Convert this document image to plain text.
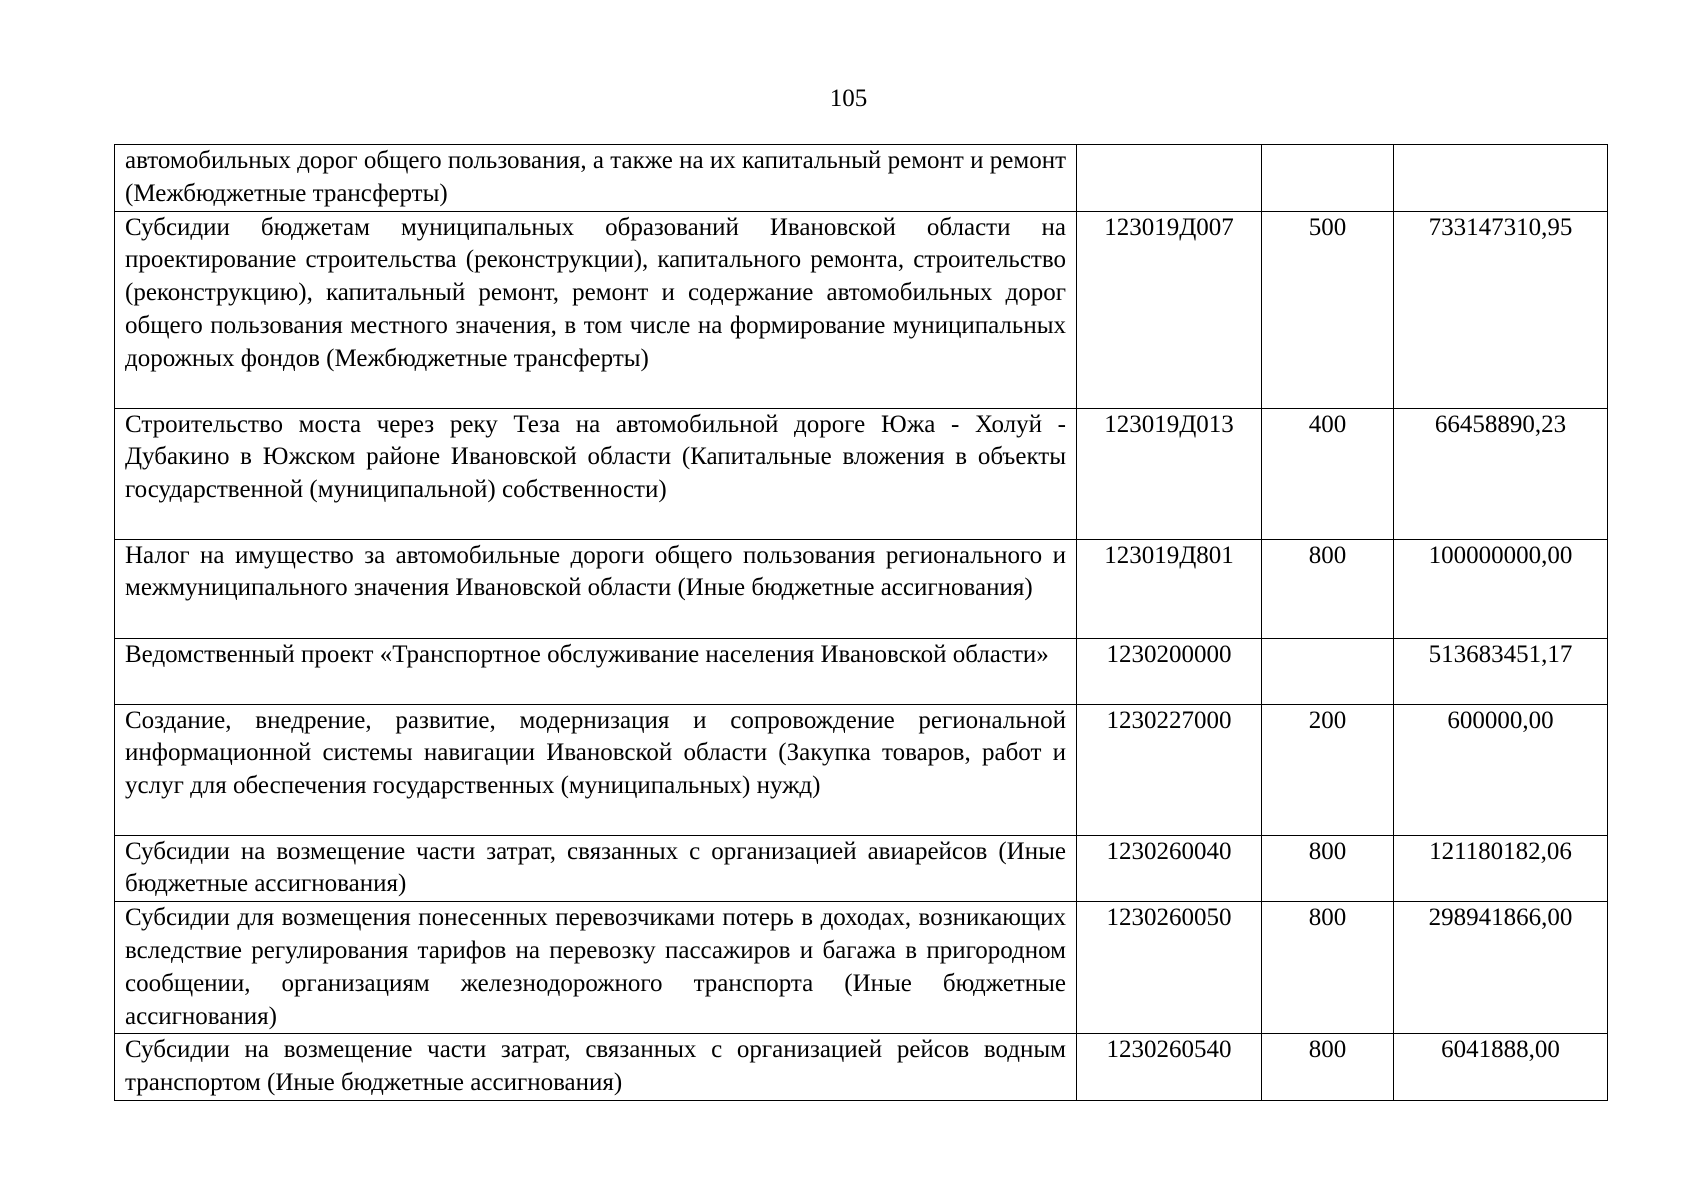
105
автомобильных дорог общего пользования, а также на их капитальный ремонт и ремонт (Межбюджетные трансферты)			
Субсидии бюджетам муниципальных образований Ивановской области на проектирование строительства (реконструкции), капитального ремонта, строительство (реконструкцию), капитальный ремонт, ремонт и содержание автомобильных дорог общего пользования местного значения, в том числе на формирование муниципальных дорожных фондов (Межбюджетные трансферты)	123019Д007	500	733147310,95
Строительство моста через реку Теза на автомобильной дороге Южа - Холуй - Дубакино в Южском районе Ивановской области (Капитальные вложения в объекты государственной (муниципальной) собственности)	123019Д013	400	66458890,23
Налог на имущество за автомобильные дороги общего пользования регионального и межмуниципального значения Ивановской области (Иные бюджетные ассигнования)	123019Д801	800	100000000,00
Ведомственный проект «Транспортное обслуживание населения Ивановской области»	1230200000		513683451,17
Создание, внедрение, развитие, модернизация и сопровождение региональной информационной системы навигации Ивановской области (Закупка товаров, работ и услуг для обеспечения государственных (муниципальных) нужд)	1230227000	200	600000,00
Субсидии на возмещение части затрат, связанных с организацией авиарейсов (Иные бюджетные ассигнования)	1230260040	800	121180182,06
Субсидии для возмещения понесенных перевозчиками потерь в доходах, возникающих вследствие регулирования тарифов на перевозку пассажиров и багажа в пригородном сообщении, организациям железнодорожного транспорта (Иные бюджетные ассигнования)	1230260050	800	298941866,00
Субсидии на возмещение части затрат, связанных с организацией рейсов водным транспортом (Иные бюджетные ассигнования)	1230260540	800	6041888,00
